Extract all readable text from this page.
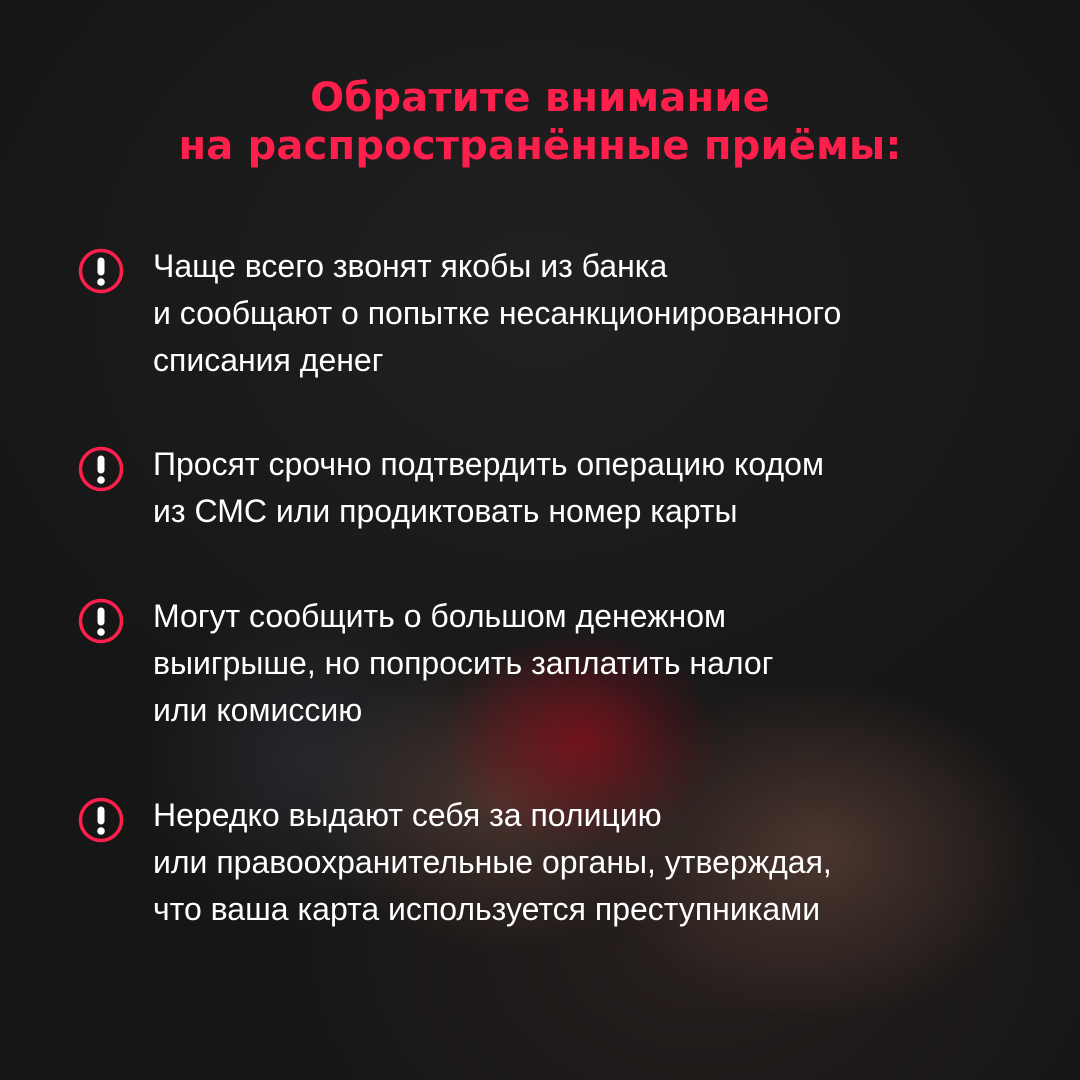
Обратите внимание
на распространённые приёмы:

Чаще всего звонят якобы из банка
и сообщают о попытке несанкционированного
списания денег

Просят срочно подтвердить операцию кодом
из СМС или продиктовать номер карты

Могут сообщить о большом денежном
выигрыше, но попросить заплатить налог
или комиссию

Нередко выдают себя за полицию
или правоохранительные органы, утверждая,
что ваша карта используется преступниками
